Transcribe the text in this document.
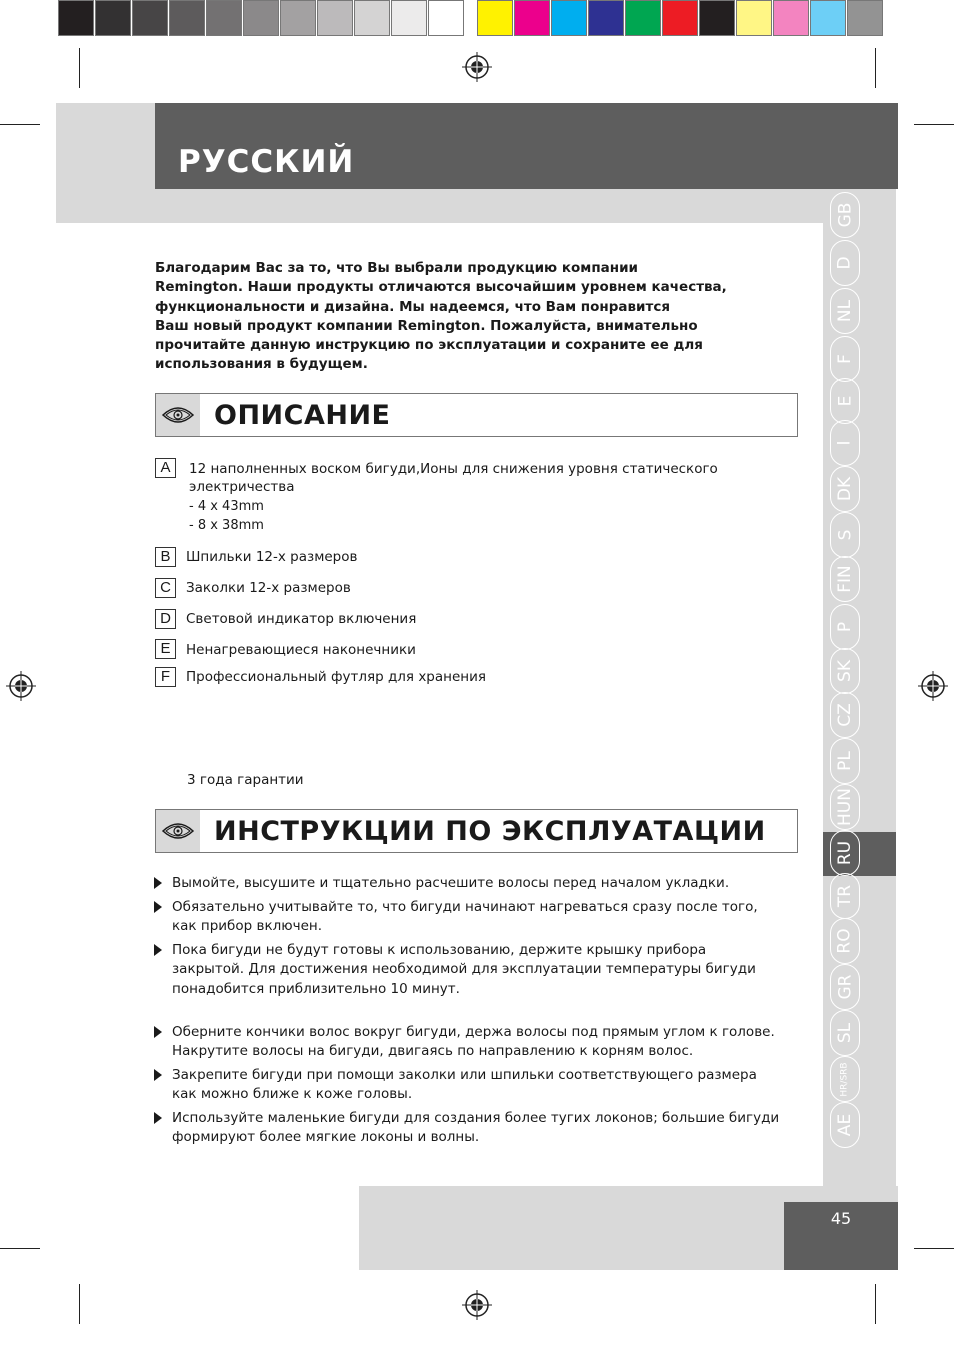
РУССКИЙ
GB
D
NL
F
E
I
DK
S
FIN
P
SK
CZ
PL
HUN
RU
TR
RO
GR
SL
HR/SRB
AE
Благодарим Вас за то, что Вы выбрали продукцию компании
Remington. Наши продукты отличаются высочайшим уровнем качества,
функциональности и дизайна. Мы надеемся, что Вам понравится
Ваш новый продукт компании Remington. Пожалуйста, внимательно
прочитайте данную инструкцию по эксплуатации и сохраните ее для
использования в будущем.
ОПИСАНИЕ
A	12 наполненных воском бигуди,Ионы для снижения уровня статического
электричества
- 4 x 43mm
- 8 x 38mm
B	Шпильки 12-х размеров
C	Заколки 12-х размеров
D	Световой индикатор включения
E	Ненагревающиеся наконечники
F	Профессиональный футляр для хранения
3 года гарантии
ИНСТРУКЦИИ ПО ЭКСПЛУАТАЦИИ
Вымойте, высушите и тщательно расчешите волосы перед началом укладки.
Обязательно учитывайте то, что бигуди начинают нагреваться сразу после того,
как прибор включен.
Пока бигуди не будут готовы к использованию, держите крышку прибора
закрытой. Для достижения необходимой для эксплуатации температуры бигуди
понадобится приблизительно 10 минут.
Оберните кончики волос вокруг бигуди, держа волосы под прямым углом к голове.
Накрутите волосы на бигуди, двигаясь по направлению к корням волос.
Закрепите бигуди при помощи заколки или шпильки соответствующего размера
как можно ближе к коже головы.
Используйте маленькие бигуди для создания более тугих локонов; большие бигуди
формируют более мягкие локоны и волны.
45
